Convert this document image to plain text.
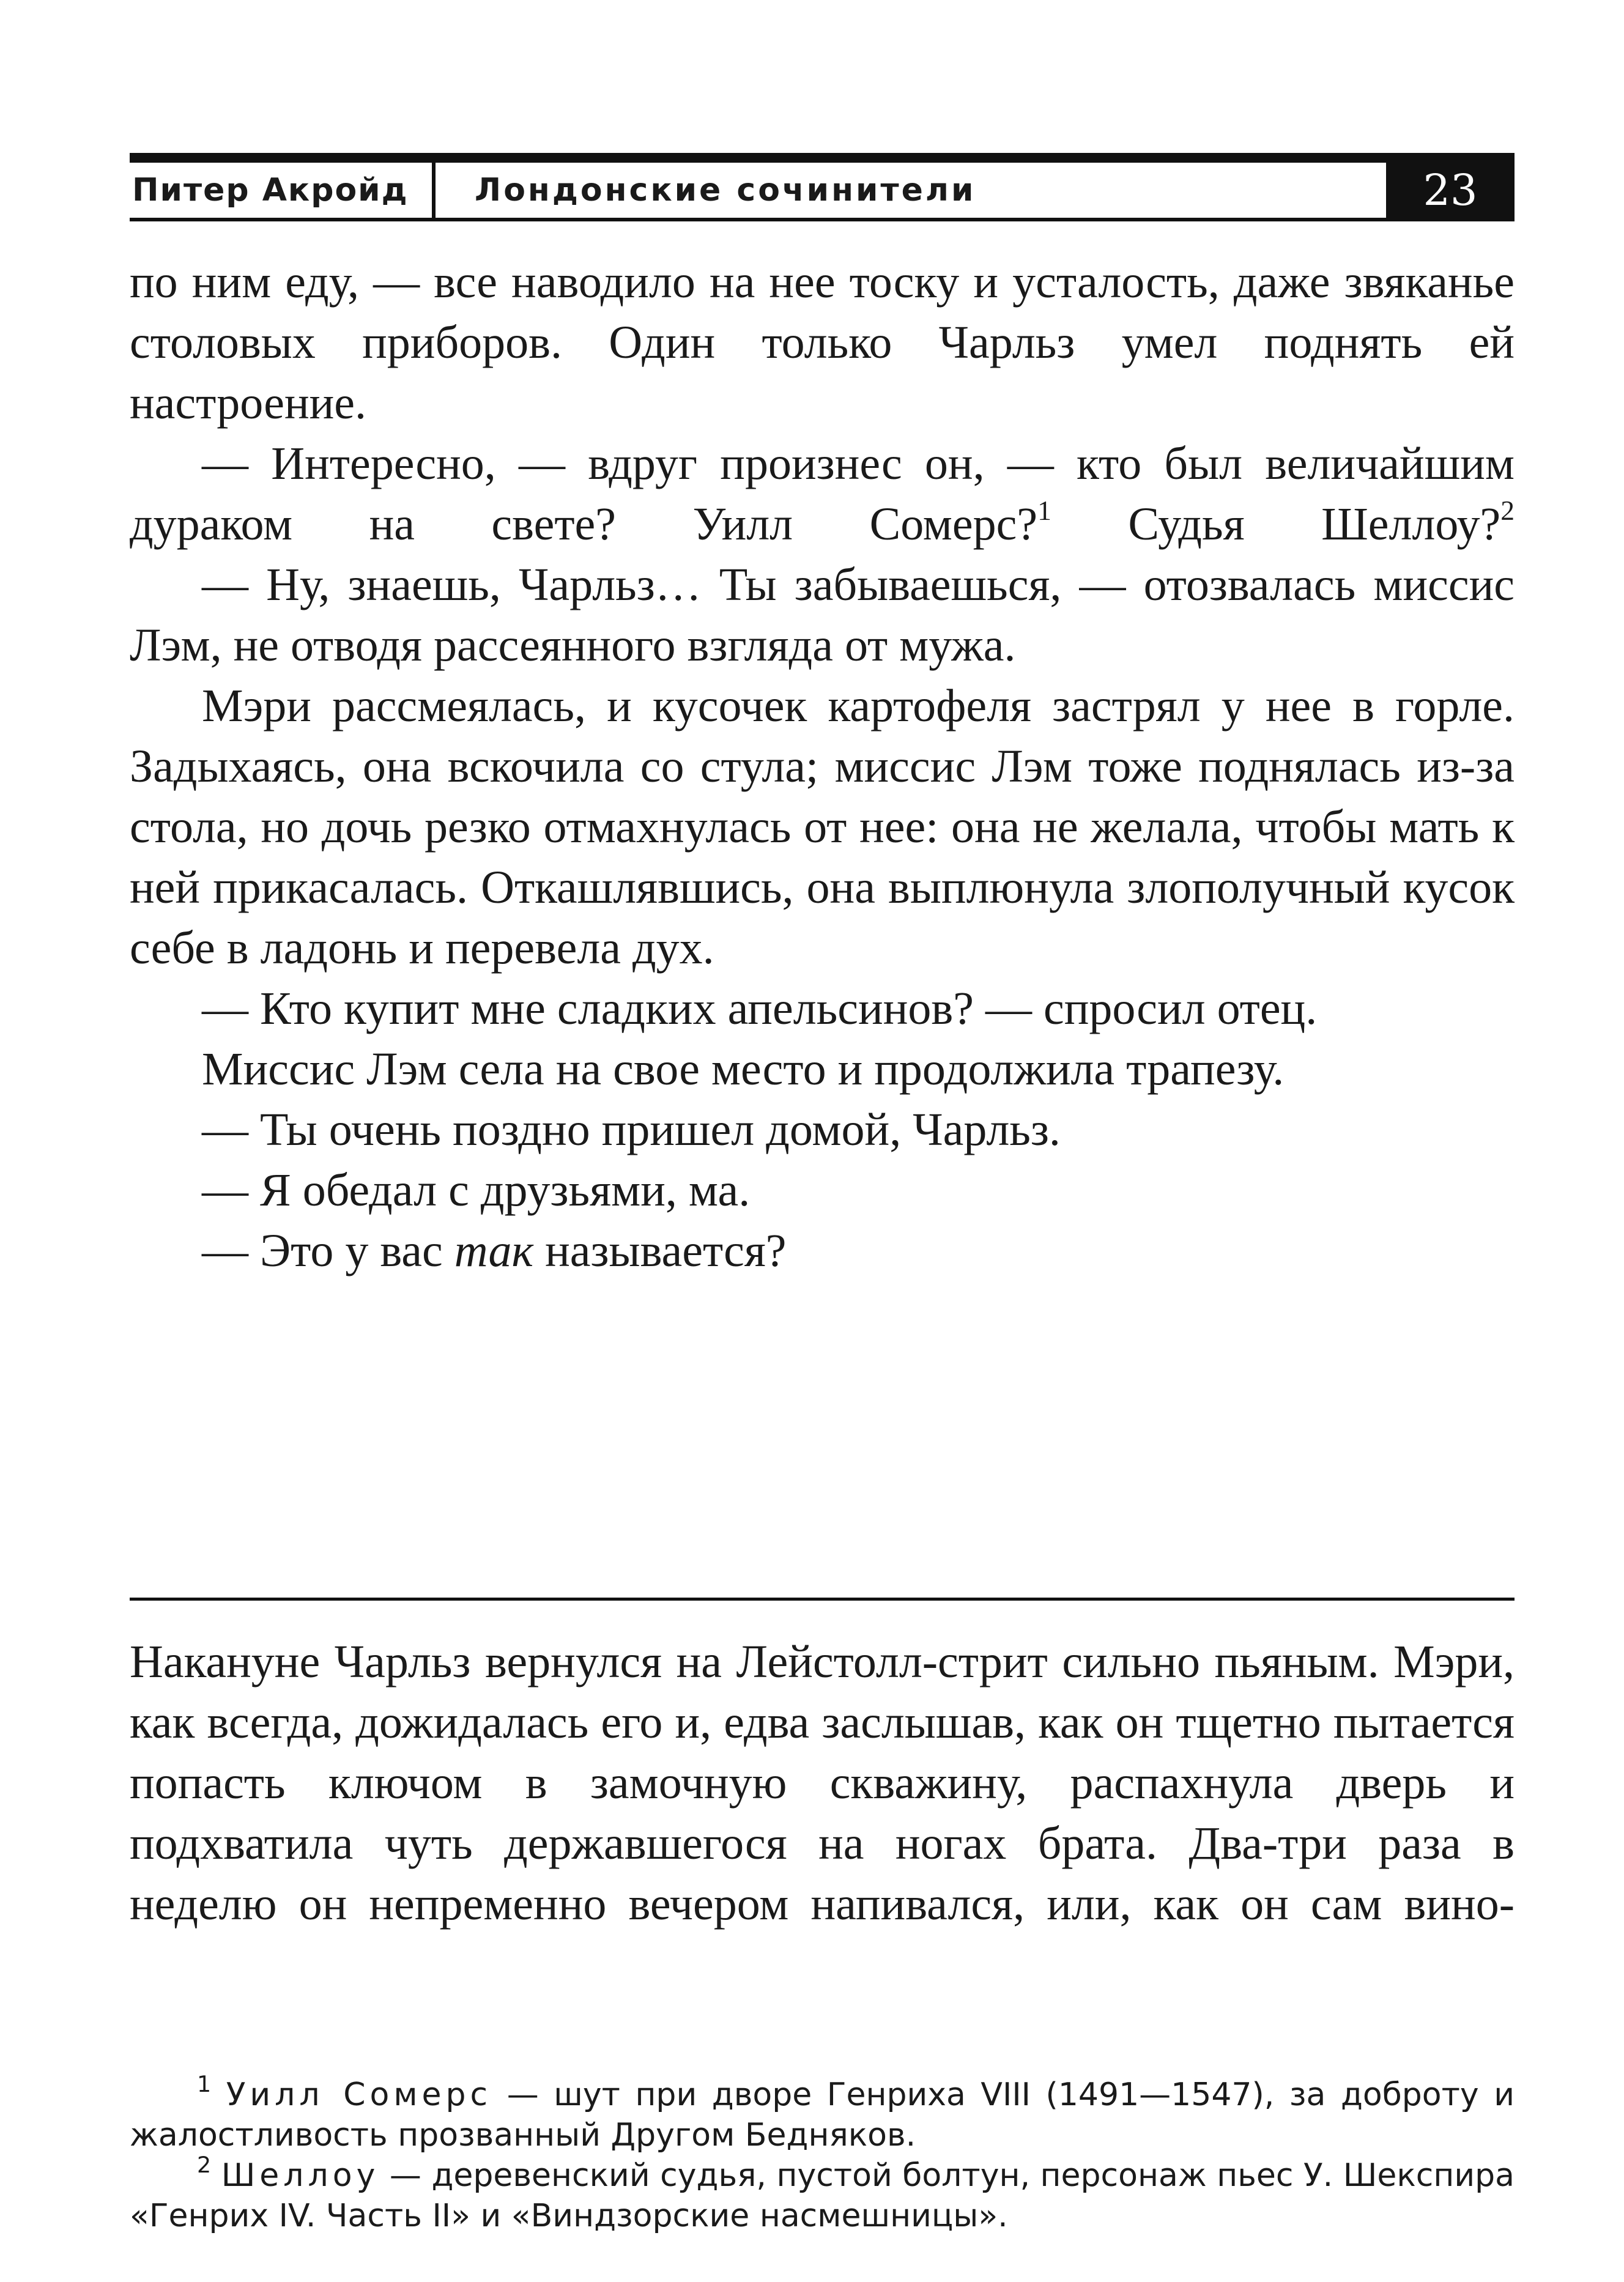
Питер Акройд	Лондонские сочинители	23

по ним еду, — все наводило на нее тоску и усталость, даже звяканье столовых приборов. Один только Чарльз умел поднять ей настроение.

— Интересно, — вдруг произнес он, — кто был величайшим дураком на свете? Уилл Сомерс?$^1$ Судья Шеллоу?$^2$

— Ну, знаешь, Чарльз… Ты забываешься, — отозвалась миссис Лэм, не отводя рассеянного взгляда от мужа.

Мэри рассмеялась, и кусочек картофеля застрял у нее в горле. Задыхаясь, она вскочила со стула; миссис Лэм тоже поднялась из-за стола, но дочь резко отмахнулась от нее: она не желала, чтобы мать к ней прикасалась. Откашлявшись, она выплюнула злополучный кусок себе в ладонь и перевела дух.

— Кто купит мне сладких апельсинов? — спросил отец.

Миссис Лэм села на свое место и продолжила трапезу.

— Ты очень поздно пришел домой, Чарльз.

— Я обедал с друзьями, ма.

— Это у вас так называется?

Накануне Чарльз вернулся на Лейстолл-стрит сильно пьяным. Мэри, как всегда, дожидалась его и, едва заслышав, как он тщетно пытается попасть ключом в замочную скважину, распахнула дверь и подхватила чуть державшегося на ногах брата. Два-три раза в неделю он непременно вечером напивался, или, как он сам вино-

$^1$ Уилл Сомерс — шут при дворе Генриха VIII (1491—1547), за доброту и жалостливость прозванный Другом Бедняков.

$^2$ Шеллоу — деревенский судья, пустой болтун, персонаж пьес У. Шекспира «Генрих IV. Часть II» и «Виндзорские насмешницы».
